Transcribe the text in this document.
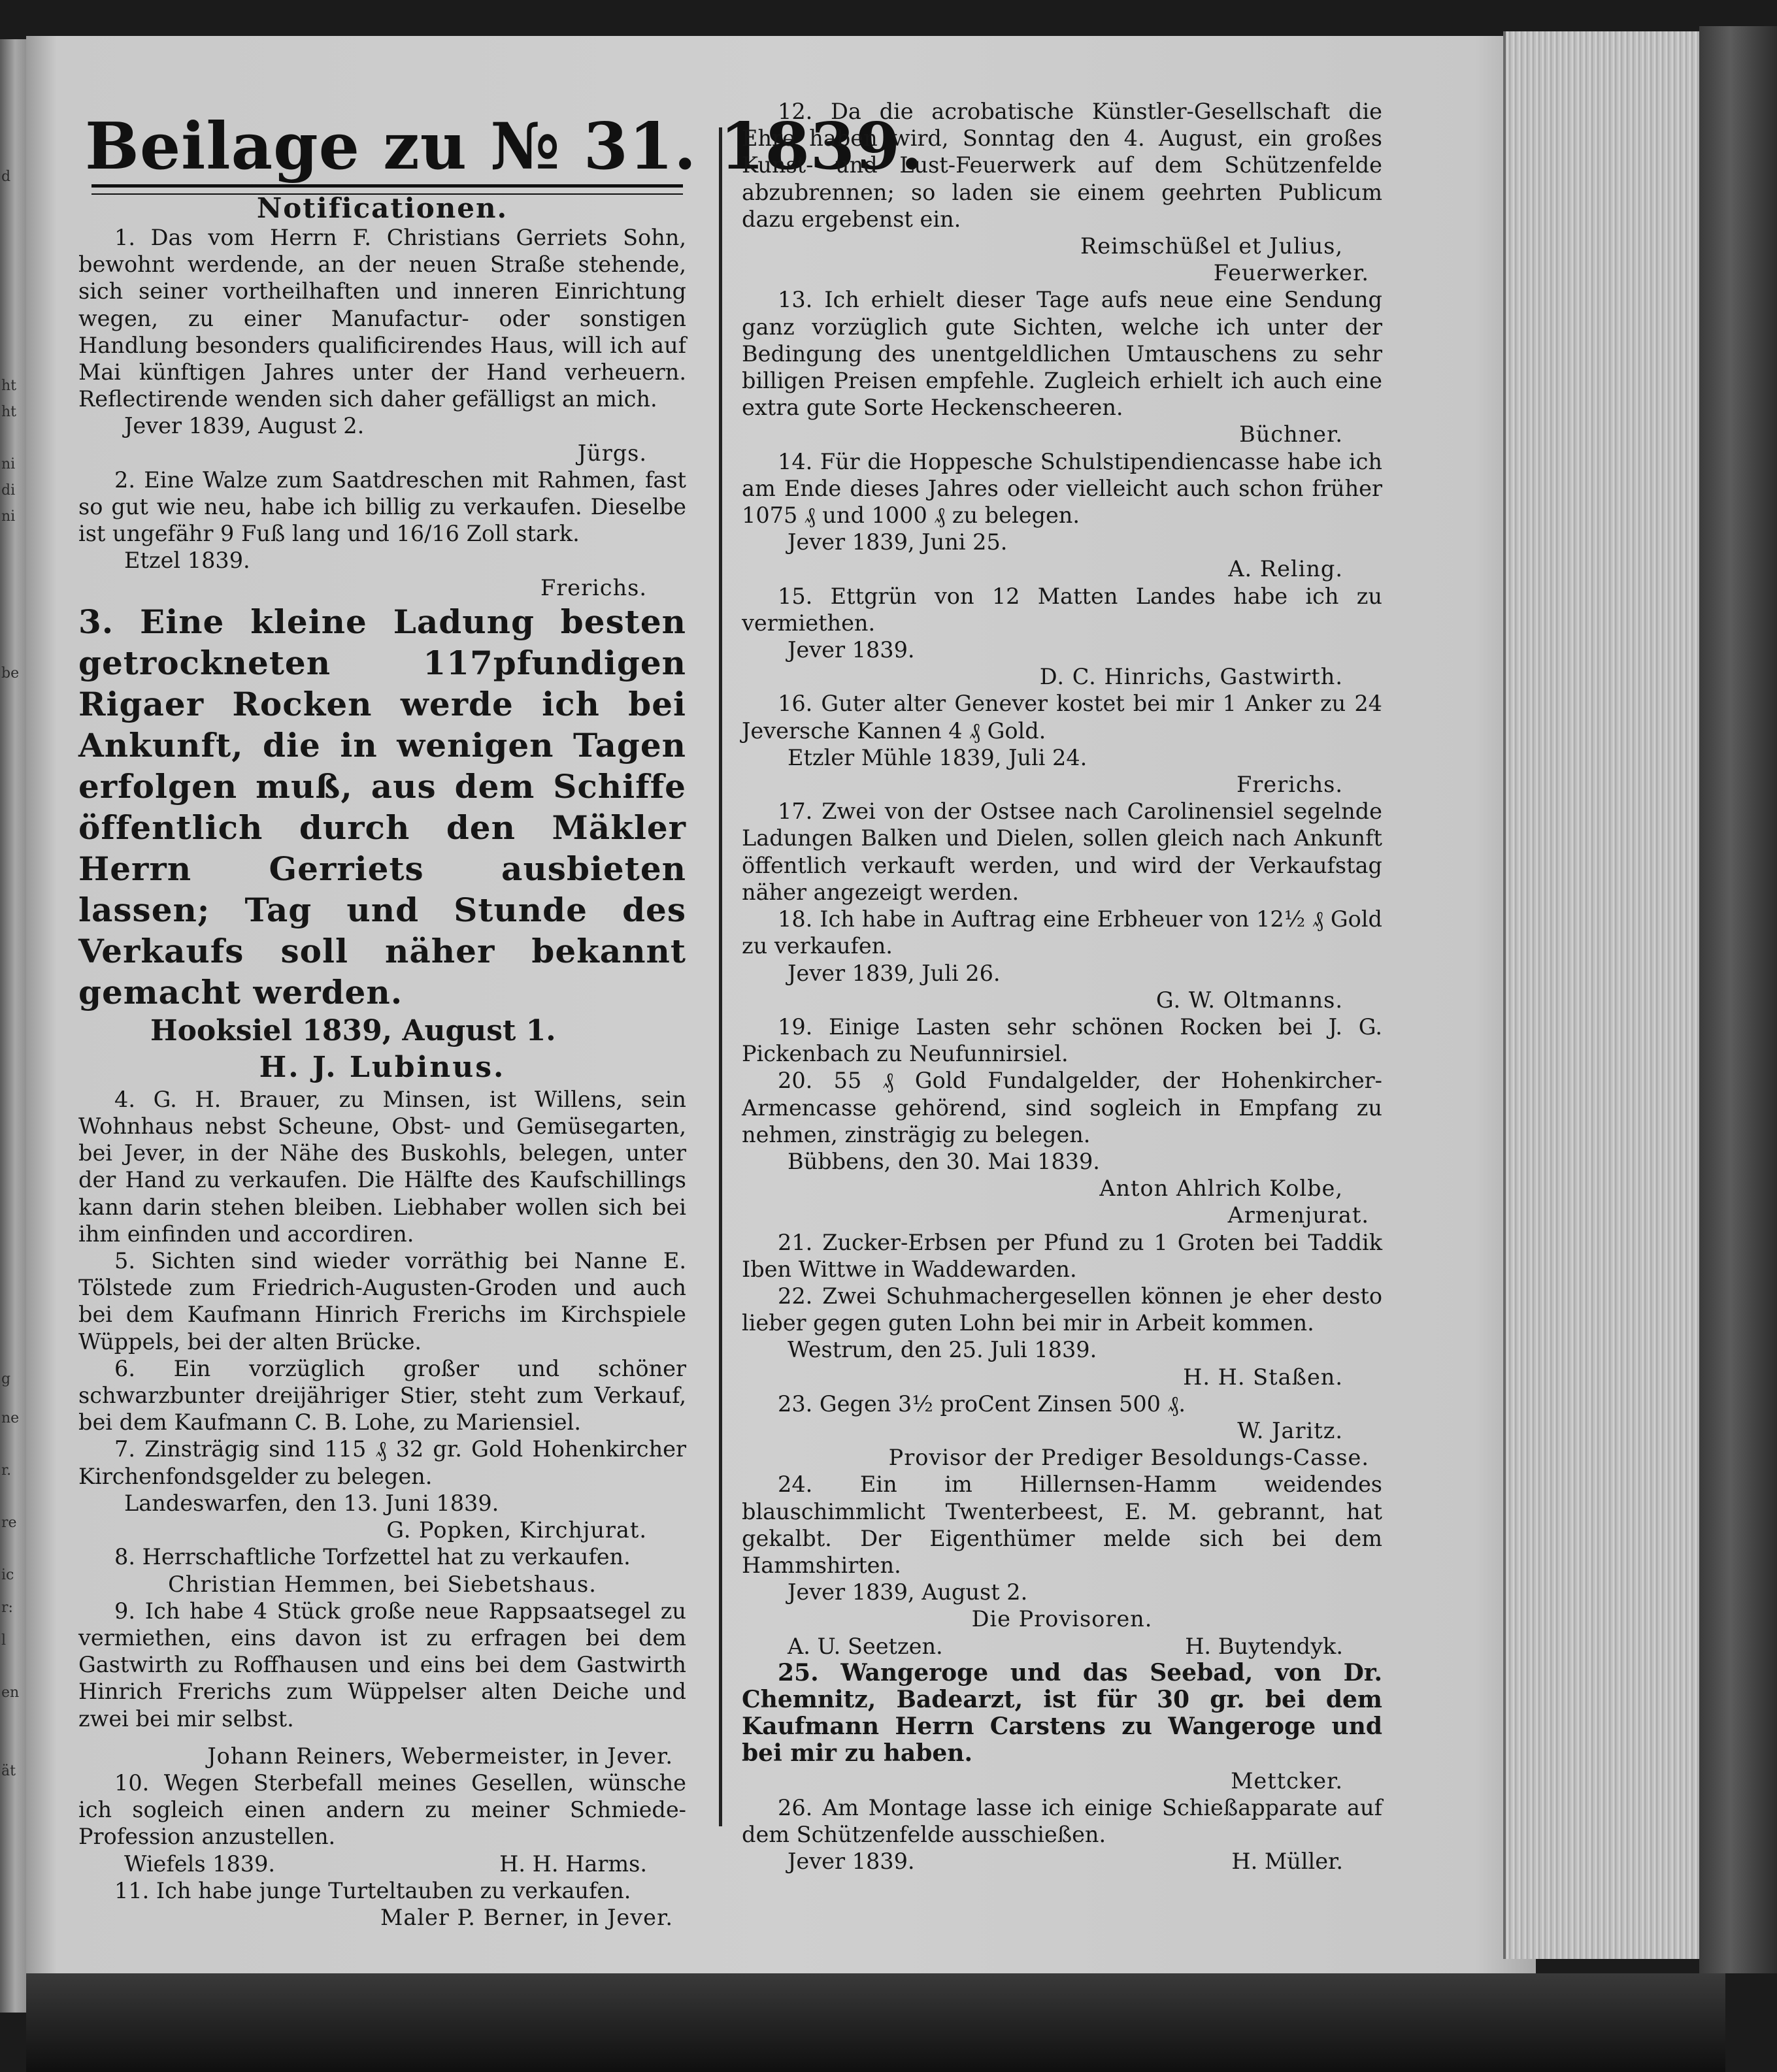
d
ht
ht
ni
di
ni
be
g
ne
r.
re
ic
r:
l
en
ät
Beilage zu № 31. 1839.

Notificationen.

1. Das vom Herrn F. Christians Gerriets Sohn, bewohnt werdende, an der neuen Straße stehende, sich seiner vortheilhaften und inneren Einrichtung wegen, zu einer Manufactur- oder sonstigen Handlung besonders qualificirendes Haus, will ich auf Mai künftigen Jahres unter der Hand verheuern. Reflectirende wenden sich daher gefälligst an mich.

Jever 1839, August 2.

Jürgs.

2. Eine Walze zum Saatdreschen mit Rahmen, fast so gut wie neu, habe ich billig zu verkaufen. Dieselbe ist ungefähr 9 Fuß lang und 16/16 Zoll stark.

Etzel 1839.

Frerichs.

3. Eine kleine Ladung besten getrockneten 117pfundigen Rigaer Rocken werde ich bei Ankunft, die in wenigen Tagen erfolgen muß, aus dem Schiffe öffentlich durch den Mäkler Herrn Gerriets ausbieten lassen; Tag und Stunde des Verkaufs soll näher bekannt gemacht werden.

Hooksiel 1839, August 1.

H. J. Lubinus.

4. G. H. Brauer, zu Minsen, ist Willens, sein Wohnhaus nebst Scheune, Obst- und Gemüsegarten, bei Jever, in der Nähe des Buskohls, belegen, unter der Hand zu verkaufen. Die Hälfte des Kaufschillings kann darin stehen bleiben. Liebhaber wollen sich bei ihm einfinden und accordiren.

5. Sichten sind wieder vorräthig bei Nanne E. Tölstede zum Friedrich-Augusten-Groden und auch bei dem Kaufmann Hinrich Frerichs im Kirchspiele Wüppels, bei der alten Brücke.

6. Ein vorzüglich großer und schöner schwarzbunter dreijähriger Stier, steht zum Verkauf, bei dem Kaufmann C. B. Lohe, zu Mariensiel.

7. Zinsträgig sind 115 ₰ 32 gr. Gold Hohenkircher Kirchenfondsgelder zu belegen.

Landeswarfen, den 13. Juni 1839.

G. Popken, Kirchjurat.

8. Herrschaftliche Torfzettel hat zu verkaufen.

Christian Hemmen, bei Siebetshaus.

9. Ich habe 4 Stück große neue Rappsaatsegel zu vermiethen, eins davon ist zu erfragen bei dem Gastwirth zu Roffhausen und eins bei dem Gastwirth Hinrich Frerichs zum Wüppelser alten Deiche und zwei bei mir selbst.

Johann Reiners, Webermeister, in Jever.

10. Wegen Sterbefall meines Gesellen, wünsche ich sogleich einen andern zu meiner Schmiede-Profession anzustellen.

Wiefels 1839.	H. H. Harms.

11. Ich habe junge Turteltauben zu verkaufen.

Maler P. Berner, in Jever.

12. Da die acrobatische Künstler-Gesellschaft die Ehre haben wird, Sonntag den 4. August, ein großes Kunst- und Lust-Feuerwerk auf dem Schützenfelde abzubrennen; so laden sie einem geehrten Publicum dazu ergebenst ein.

Reimschüßel et Julius,

Feuerwerker.

13. Ich erhielt dieser Tage aufs neue eine Sendung ganz vorzüglich gute Sichten, welche ich unter der Bedingung des unentgeldlichen Umtauschens zu sehr billigen Preisen empfehle. Zugleich erhielt ich auch eine extra gute Sorte Heckenscheeren.

Büchner.

14. Für die Hoppesche Schulstipendiencasse habe ich am Ende dieses Jahres oder vielleicht auch schon früher 1075 ₰ und 1000 ₰ zu belegen.

Jever 1839, Juni 25.

A. Reling.

15. Ettgrün von 12 Matten Landes habe ich zu vermiethen.

Jever 1839.

D. C. Hinrichs, Gastwirth.

16. Guter alter Genever kostet bei mir 1 Anker zu 24 Jeversche Kannen 4 ₰ Gold.

Etzler Mühle 1839, Juli 24.

Frerichs.

17. Zwei von der Ostsee nach Carolinensiel segelnde Ladungen Balken und Dielen, sollen gleich nach Ankunft öffentlich verkauft werden, und wird der Verkaufstag näher angezeigt werden.

18. Ich habe in Auftrag eine Erbheuer von 12½ ₰ Gold zu verkaufen.

Jever 1839, Juli 26.

G. W. Oltmanns.

19. Einige Lasten sehr schönen Rocken bei J. G. Pickenbach zu Neufunnirsiel.

20. 55 ₰ Gold Fundalgelder, der Hohenkircher-Armencasse gehörend, sind sogleich in Empfang zu nehmen, zinsträgig zu belegen.

Bübbens, den 30. Mai 1839.

Anton Ahlrich Kolbe,

Armenjurat.

21. Zucker-Erbsen per Pfund zu 1 Groten bei Taddik Iben Wittwe in Waddewarden.

22. Zwei Schuhmachergesellen können je eher desto lieber gegen guten Lohn bei mir in Arbeit kommen.

Westrum, den 25. Juli 1839.

H. H. Staßen.

23. Gegen 3½ proCent Zinsen 500 ₰.

W. Jaritz.

Provisor der Prediger Besoldungs-Casse.

24. Ein im Hillernsen-Hamm weidendes blauschimmlicht Twenterbeest, E. M. gebrannt, hat gekalbt. Der Eigenthümer melde sich bei dem Hammshirten.

Jever 1839, August 2.

Die Provisoren.

A. U. Seetzen.	H. Buytendyk.

25. Wangeroge und das Seebad, von Dr. Chemnitz, Badearzt, ist für 30 gr. bei dem Kaufmann Herrn Carstens zu Wangeroge und bei mir zu haben.

Mettcker.

26. Am Montage lasse ich einige Schießapparate auf dem Schützenfelde ausschießen.

Jever 1839.	H. Müller.
